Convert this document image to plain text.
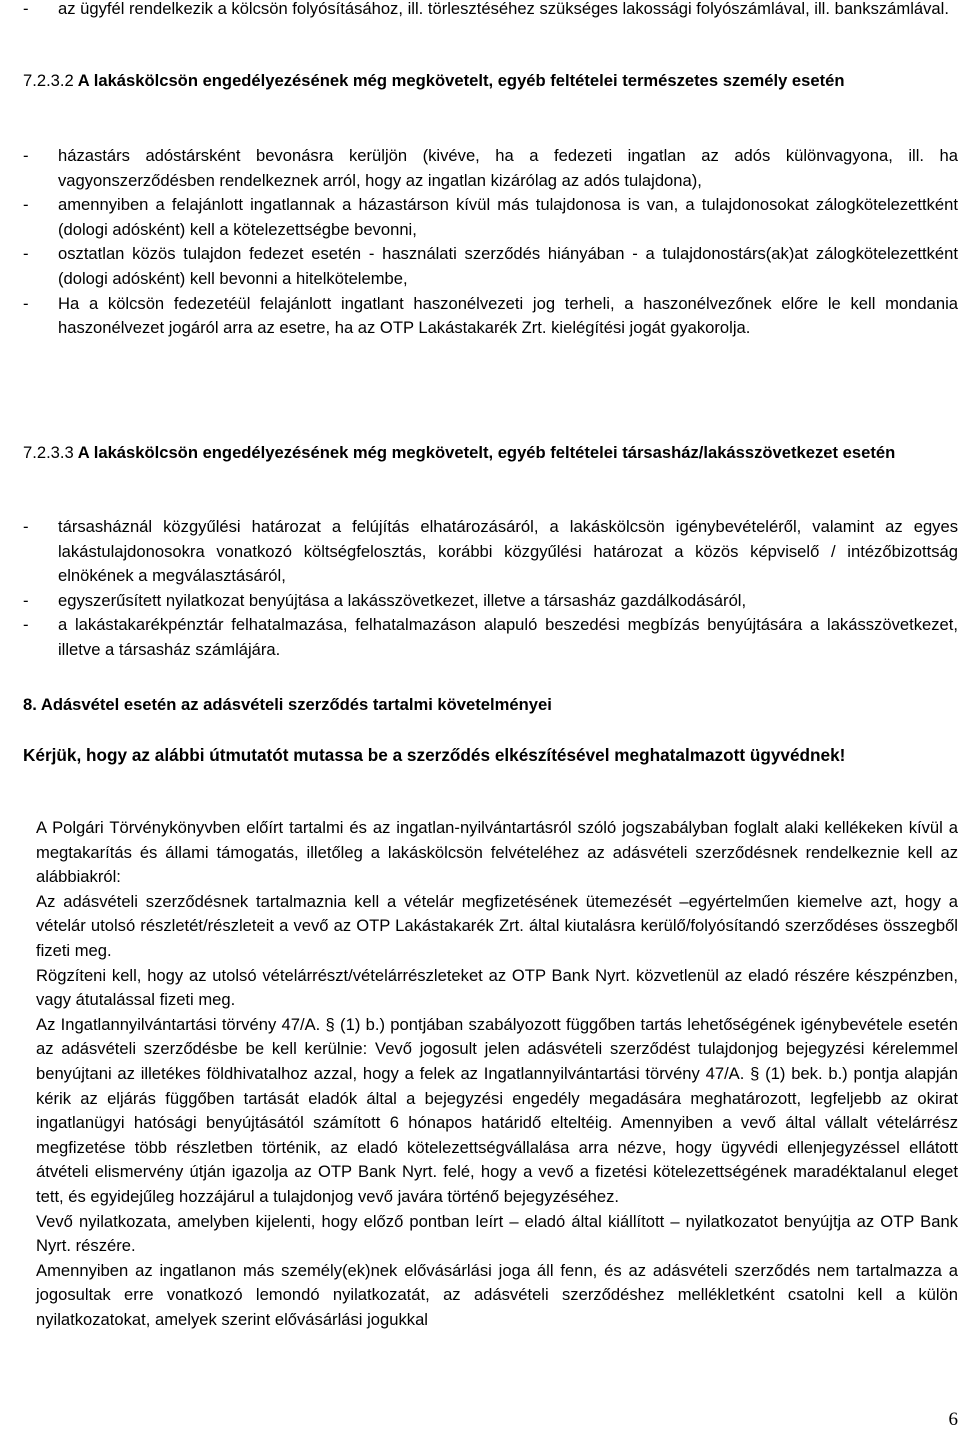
- az ügyfél rendelkezik a kölcsön folyósításához, ill. törlesztéséhez szükséges lakossági folyószámlával, ill. bankszámlával.
7.2.3.2 A lakáskölcsön engedélyezésének még megkövetelt, egyéb feltételei természetes személy esetén
- házastárs adóstársként bevonásra kerüljön (kivéve, ha a fedezeti ingatlan az adós különvagyona, ill. ha vagyonszerződésben rendelkeznek arról, hogy az ingatlan kizárólag az adós tulajdona),
- amennyiben a felajánlott ingatlannak a házastárson kívül más tulajdonosa is van, a tulajdonosokat zálogkötelezettként (dologi adósként) kell a kötelezettségbe bevonni,
- osztatlan közös tulajdon fedezet esetén - használati szerződés hiányában - a tulajdonostárs(ak)at zálogkötelezettként (dologi adósként) kell bevonni a hitelkötelembe,
- Ha a kölcsön fedezetéül felajánlott ingatlant haszonélvezeti jog terheli, a haszonélvezőnek előre le kell mondania haszonélvezet jogáról arra az esetre, ha az OTP Lakástakarék Zrt. kielégítési jogát gyakorolja.
7.2.3.3 A lakáskölcsön engedélyezésének még megkövetelt, egyéb feltételei társasház/lakásszövetkezet esetén
- társasháznál közgyűlési határozat a felújítás elhatározásáról, a lakáskölcsön igénybevételéről, valamint az egyes lakástulajdonosokra vonatkozó költségfelosztás, korábbi közgyűlési határozat a közös képviselő / intézőbizottság elnökének a megválasztásáról,
- egyszerűsített nyilatkozat benyújtása a lakásszövetkezet, illetve a társasház gazdálkodásáról,
- a lakástakarékpénztár felhatalmazása, felhatalmazáson alapuló beszedési megbízás benyújtására a lakásszövetkezet, illetve a társasház számlájára.
8. Adásvétel esetén az adásvételi szerződés tartalmi követelményei
Kérjük, hogy az alábbi útmutatót mutassa be a szerződés elkészítésével meghatalmazott ügyvédnek!
A Polgári Törvénykönyvben előírt tartalmi és az ingatlan-nyilvántartásról szóló jogszabályban foglalt alaki kellékeken kívül a megtakarítás és állami támogatás, illetőleg a lakáskölcsön felvételéhez az adásvételi szerződésnek rendelkeznie kell az alábbiakról:
Az adásvételi szerződésnek tartalmaznia kell a vételár megfizetésének ütemezését –egyértelműen kiemelve azt, hogy a vételár utolsó részletét/részleteit a vevő az OTP Lakástakarék Zrt. által kiutalásra kerülő/folyósítandó szerződéses összegből fizeti meg.
Rögzíteni kell, hogy az utolsó vételárrészt/vételárrészleteket az OTP Bank Nyrt. közvetlenül az eladó részére készpénzben, vagy átutalással fizeti meg.
Az Ingatlannyilvántartási törvény 47/A. § (1) b.) pontjában szabályozott függőben tartás lehetőségének igénybevétele esetén az adásvételi szerződésbe be kell kerülnie: Vevő jogosult jelen adásvételi szerződést tulajdonjog bejegyzési kérelemmel benyújtani az illetékes földhivatalhoz azzal, hogy a felek az Ingatlannyilvántartási törvény 47/A. § (1) bek. b.) pontja alapján kérik az eljárás függőben tartását eladók által a bejegyzési engedély megadására meghatározott, legfeljebb az okirat ingatlanügyi hatósági benyújtásától számított 6 hónapos határidő elteltéig. Amennyiben a vevő által vállalt vételárrész megfizetése több részletben történik, az eladó kötelezettségvállalása arra nézve, hogy ügyvédi ellenjegyzéssel ellátott átvételi elismervény útján igazolja az OTP Bank Nyrt. felé, hogy a vevő a fizetési kötelezettségének maradéktalanul eleget tett, és egyidejűleg hozzájárul a tulajdonjog vevő javára történő bejegyzéséhez.
Vevő nyilatkozata, amelyben kijelenti, hogy előző pontban leírt – eladó által kiállított – nyilatkozatot benyújtja az OTP Bank Nyrt. részére.
Amennyiben az ingatlanon más személy(ek)nek elővásárlási joga áll fenn, és az adásvételi szerződés nem tartalmazza a jogosultak erre vonatkozó lemondó nyilatkozatát, az adásvételi szerződéshez mellékletként csatolni kell a külön nyilatkozatokat, amelyek szerint elővásárlási jogukkal
6
